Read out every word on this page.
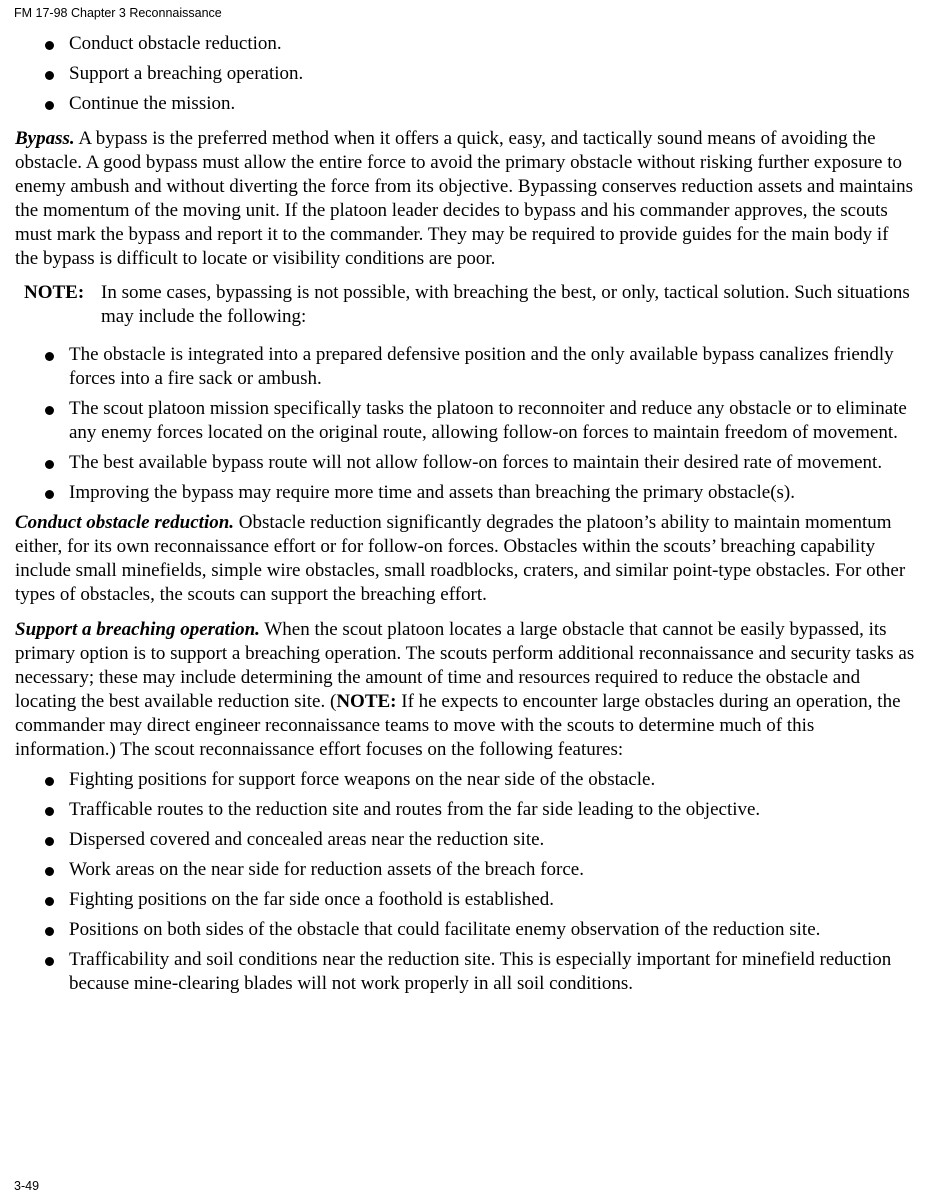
FM 17-98 Chapter 3 Reconnaissance
Conduct obstacle reduction.
Support a breaching operation.
Continue the mission.

Bypass. A bypass is the preferred method when it offers a quick, easy, and tactically sound means of avoiding the obstacle. A good bypass must allow the entire force to avoid the primary obstacle without risking further exposure to enemy ambush and without diverting the force from its objective. Bypassing conserves reduction assets and maintains the momentum of the moving unit. If the platoon leader decides to bypass and his commander approves, the scouts must mark the bypass and report it to the commander. They may be required to provide guides for the main body if the bypass is difficult to locate or visibility conditions are poor.

NOTE: In some cases, bypassing is not possible, with breaching the best, or only, tactical solution. Such situations may include the following:
The obstacle is integrated into a prepared defensive position and the only available bypass canalizes friendly forces into a fire sack or ambush.
The scout platoon mission specifically tasks the platoon to reconnoiter and reduce any obstacle or to eliminate any enemy forces located on the original route, allowing follow-on forces to maintain freedom of movement.
The best available bypass route will not allow follow-on forces to maintain their desired rate of movement.
Improving the bypass may require more time and assets than breaching the primary obstacle(s).

Conduct obstacle reduction. Obstacle reduction significantly degrades the platoon’s ability to maintain momentum either, for its own reconnaissance effort or for follow-on forces. Obstacles within the scouts’ breaching capability include small minefields, simple wire obstacles, small roadblocks, craters, and similar point-type obstacles. For other types of obstacles, the scouts can support the breaching effort.

Support a breaching operation. When the scout platoon locates a large obstacle that cannot be easily bypassed, its primary option is to support a breaching operation. The scouts perform additional reconnaissance and security tasks as necessary; these may include determining the amount of time and resources required to reduce the obstacle and locating the best available reduction site. (NOTE: If he expects to encounter large obstacles during an operation, the commander may direct engineer reconnaissance teams to move with the scouts to determine much of this information.) The scout reconnaissance effort focuses on the following features:

Fighting positions for support force weapons on the near side of the obstacle.
Trafficable routes to the reduction site and routes from the far side leading to the objective.
Dispersed covered and concealed areas near the reduction site.
Work areas on the near side for reduction assets of the breach force.
Fighting positions on the far side once a foothold is established.
Positions on both sides of the obstacle that could facilitate enemy observation of the reduction site.
Trafficability and soil conditions near the reduction site. This is especially important for minefield reduction because mine-clearing blades will not work properly in all soil conditions.
3-49
